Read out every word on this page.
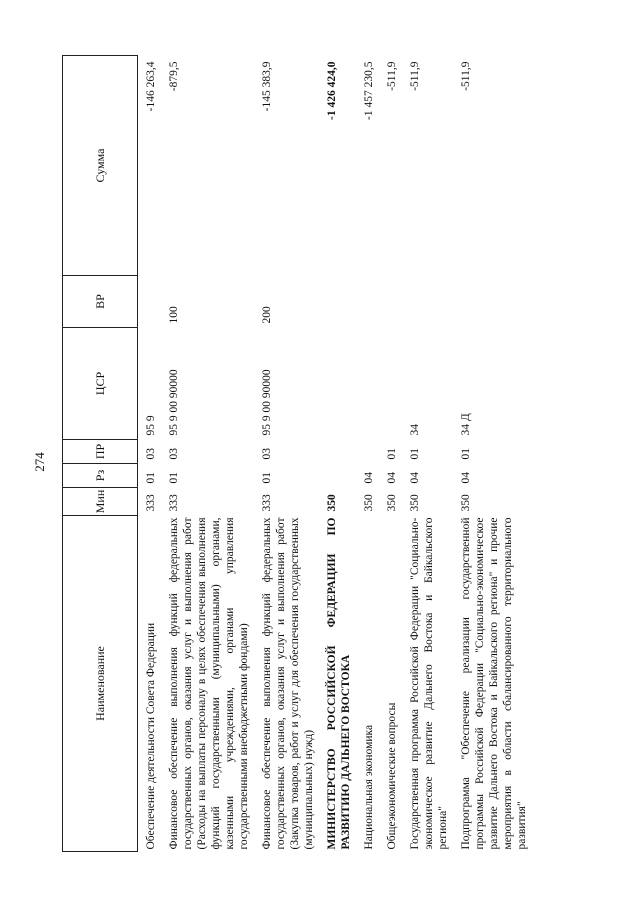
274
Наименование	Мин	Рз	ПР	ЦСР	ВР	Сумма
Обеспечение деятельности Совета Федерации	333	01	03	95 9		-146 263,4
Финансовое обеспечение выполнения функций федеральных государственных органов, оказания услуг и выполнения работ (Расходы на выплаты персоналу в целях обеспечения выполнения функций государственными (муниципальными) органами, казенными учреждениями, органами управления государственными внебюджетными фондами)	333	01	03	95 9 00 90000	100	-879,5
Финансовое обеспечение выполнения функций федеральных государственных органов, оказания услуг и выполнения работ (Закупка товаров, работ и услуг для обеспечения государственных (муниципальных) нужд)	333	01	03	95 9 00 90000	200	-145 383,9
МИНИСТЕРСТВО РОССИЙСКОЙ ФЕДЕРАЦИИ ПО РАЗВИТИЮ ДАЛЬНЕГО ВОСТОКА	350					-1 426 424,0
Национальная экономика	350	04				-1 457 230,5
Общеэкономические вопросы	350	04	01			-511,9
Государственная программа Российской Федерации "Социально-экономическое развитие Дальнего Востока и Байкальского региона"	350	04	01	34		-511,9
Подпрограмма "Обеспечение реализации государственной программы Российской Федерации "Социально-экономическое развитие Дальнего Востока и Байкальского региона" и прочие мероприятия в области сбалансированного территориального развития"	350	04	01	34 Д		-511,9
